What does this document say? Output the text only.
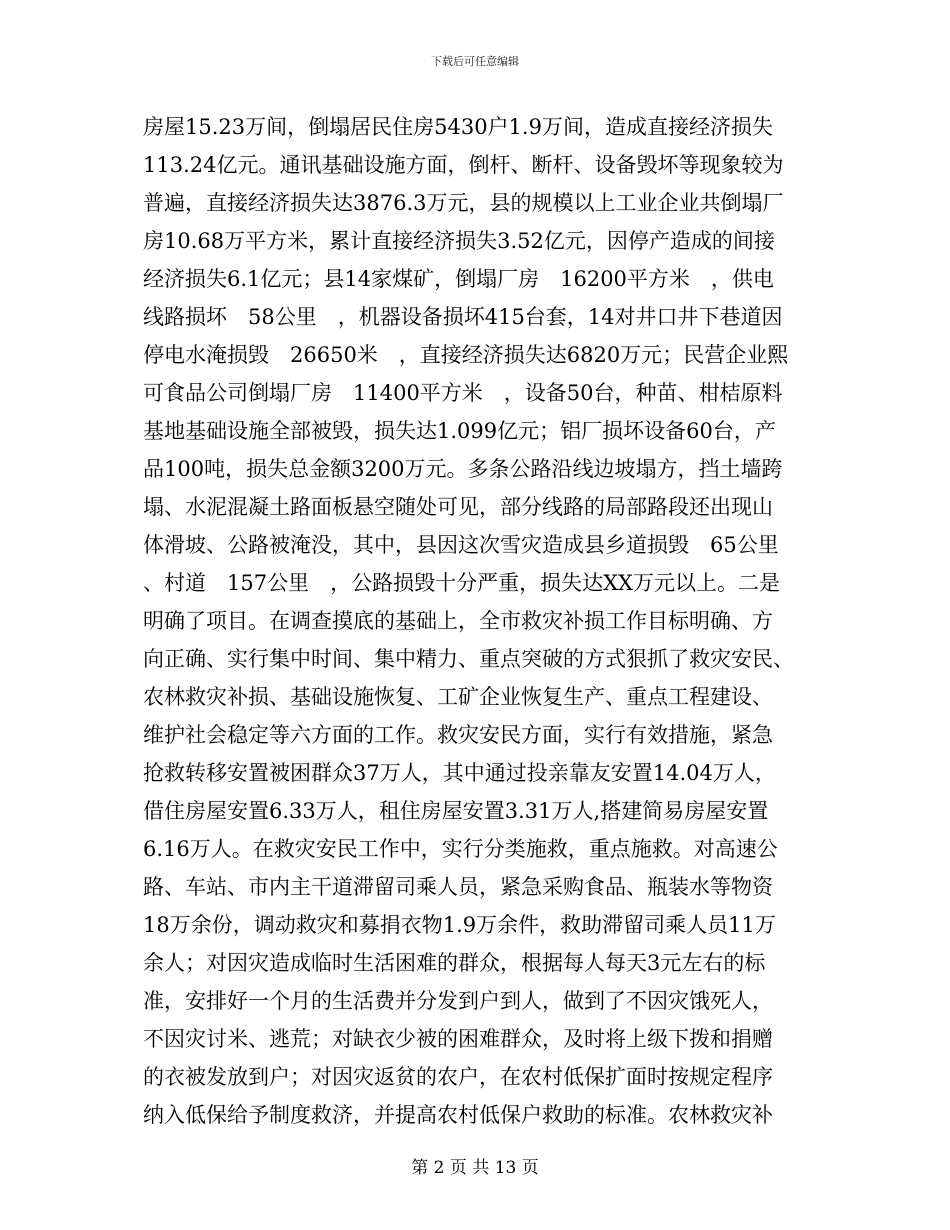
下载后可任意编辑
房屋15.23万间，倒塌居民住房5430户1.9万间，造成直接经济损失
113.24亿元。通讯基础设施方面，倒杆、断杆、设备毁坏等现象较为
普遍，直接经济损失达3876.3万元，县的规模以上工业企业共倒塌厂
房10.68万平方米，累计直接经济损失3.52亿元，因停产造成的间接
经济损失6.1亿元；县14家煤矿，倒塌厂房　16200平方米　，供电
线路损坏　58公里　，机器设备损坏415台套，14对井口井下巷道因
停电水淹损毁　26650米　，直接经济损失达6820万元；民营企业熙
可食品公司倒塌厂房　11400平方米　，设备50台，种苗、柑桔原料
基地基础设施全部被毁，损失达1.099亿元；铝厂损坏设备60台，产
品100吨，损失总金额3200万元。多条公路沿线边坡塌方，挡土墙跨
塌、水泥混凝土路面板悬空随处可见，部分线路的局部路段还出现山
体滑坡、公路被淹没，其中，县因这次雪灾造成县乡道损毁　65公里
、村道　157公里　，公路损毁十分严重，损失达XX万元以上。二是
明确了项目。在调查摸底的基础上，全市救灾补损工作目标明确、方
向正确、实行集中时间、集中精力、重点突破的方式狠抓了救灾安民、
农林救灾补损、基础设施恢复、工矿企业恢复生产、重点工程建设、
维护社会稳定等六方面的工作。救灾安民方面，实行有效措施，紧急
抢救转移安置被困群众37万人，其中通过投亲靠友安置14.04万人，
借住房屋安置6.33万人，租住房屋安置3.31万人,搭建简易房屋安置
6.16万人。在救灾安民工作中，实行分类施救，重点施救。对高速公
路、车站、市内主干道滞留司乘人员，紧急采购食品、瓶装水等物资
18万余份，调动救灾和募捐衣物1.9万余件，救助滞留司乘人员11万
余人；对因灾造成临时生活困难的群众，根据每人每天3元左右的标
准，安排好一个月的生活费并分发到户到人，做到了不因灾饿死人，
不因灾讨米、逃荒；对缺衣少被的困难群众，及时将上级下拨和捐赠
的衣被发放到户；对因灾返贫的农户，在农村低保扩面时按规定程序
纳入低保给予制度救济，并提高农村低保户救助的标准。农林救灾补
第 2 页 共 13 页
